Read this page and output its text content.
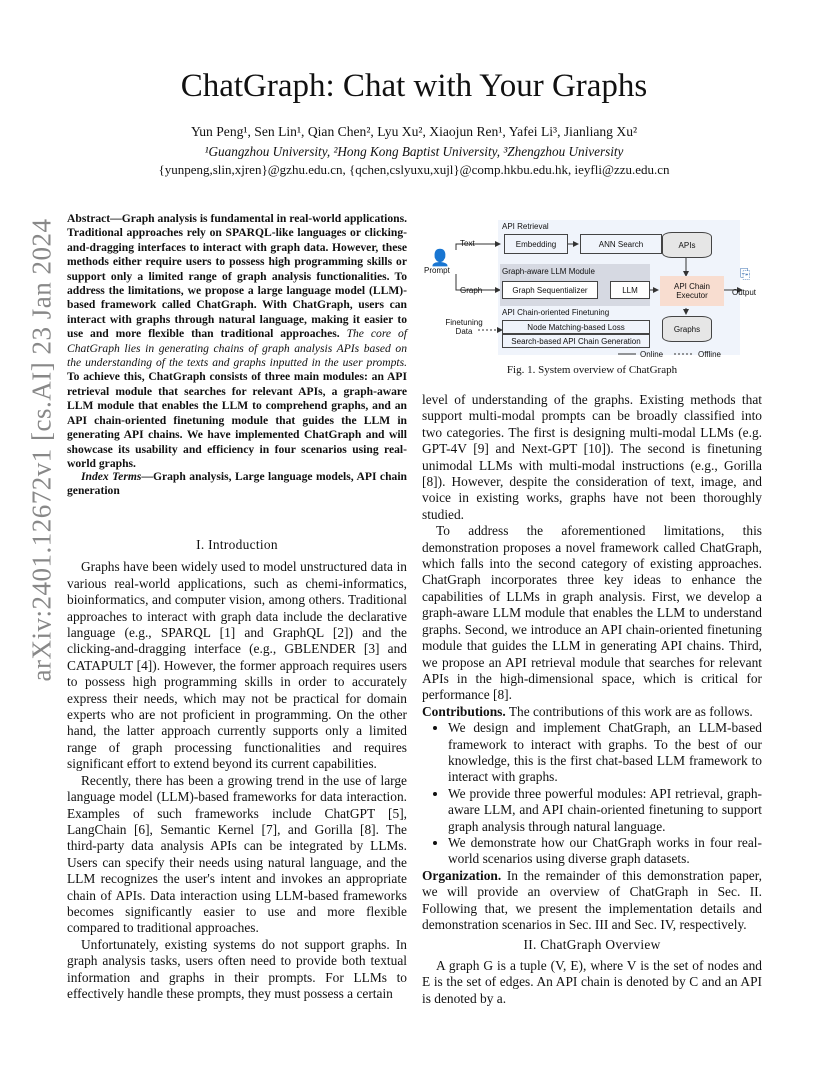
arXiv:2401.12672v1 [cs.AI] 23 Jan 2024
ChatGraph: Chat with Your Graphs
Yun Peng¹, Sen Lin¹, Qian Chen², Lyu Xu², Xiaojun Ren¹, Yafei Li³, Jianliang Xu²
¹Guangzhou University, ²Hong Kong Baptist University, ³Zhengzhou University
{yunpeng,slin,xjren}@gzhu.edu.cn, {qchen,cslyuxu,xujl}@comp.hkbu.edu.hk, ieyfli@zzu.edu.cn
Abstract—Graph analysis is fundamental in real-world applications. Traditional approaches rely on SPARQL-like languages or clicking-and-dragging interfaces to interact with graph data. However, these methods either require users to possess high programming skills or support only a limited range of graph analysis functionalities. To address the limitations, we propose a large language model (LLM)-based framework called ChatGraph. With ChatGraph, users can interact with graphs through natural language, making it easier to use and more flexible than traditional approaches. The core of ChatGraph lies in generating chains of graph analysis APIs based on the understanding of the texts and graphs inputted in the user prompts. To achieve this, ChatGraph consists of three main modules: an API retrieval module that searches for relevant APIs, a graph-aware LLM module that enables the LLM to comprehend graphs, and an API chain-oriented finetuning module that guides the LLM in generating API chains. We have implemented ChatGraph and will showcase its usability and efficiency in four scenarios using real-world graphs.
Index Terms—Graph analysis, Large language models, API chain generation
I. Introduction

Graphs have been widely used to model unstructured data in various real-world applications, such as chemi-informatics, bioinformatics, and computer vision, among others. Traditional approaches to interact with graph data include the declarative language (e.g., SPARQL [1] and GraphQL [2]) and the clicking-and-dragging interface (e.g., GBLENDER [3] and CATAPULT [4]). However, the former approach requires users to possess high programming skills in order to accurately express their needs, which may not be practical for domain experts who are not proficient in programming. On the other hand, the latter approach currently supports only a limited range of graph processing functionalities and requires significant effort to extend beyond its current capabilities.

Recently, there has been a growing trend in the use of large language model (LLM)-based frameworks for data interaction. Examples of such frameworks include ChatGPT [5], LangChain [6], Semantic Kernel [7], and Gorilla [8]. The third-party data analysis APIs can be integrated by LLMs. Users can specify their needs using natural language, and the LLM recognizes the user's intent and invokes an appropriate chain of APIs. Data interaction using LLM-based frameworks becomes significantly easier to use and more flexible compared to traditional approaches.

Unfortunately, existing systems do not support graphs. In graph analysis tasks, users often need to provide both textual information and graphs in their prompts. For LLMs to effectively handle these prompts, they must possess a certain

API Retrieval
Embedding	ANN Search	APIs
Text
👤
Prompt
Graph
Graph-aware LLM Module
Graph Sequentializer	LLM	API Chain Executor
⎘
Output
API Chain-oriented Finetuning
Finetuning Data	Node Matching-based Loss
Search-based API Chain Generation
Graphs
Online	Offline
Fig. 1. System overview of ChatGraph

level of understanding of the graphs. Existing methods that support multi-modal prompts can be broadly classified into two categories. The first is designing multi-modal LLMs (e.g. GPT-4V [9] and Next-GPT [10]). The second is finetuning unimodal LLMs with multi-modal instructions (e.g., Gorilla [8]). However, despite the consideration of text, image, and voice in existing works, graphs have not been thoroughly studied.

To address the aforementioned limitations, this demonstration proposes a novel framework called ChatGraph, which falls into the second category of existing approaches. ChatGraph incorporates three key ideas to enhance the capabilities of LLMs in graph analysis. First, we develop a graph-aware LLM module that enables the LLM to understand graphs. Second, we introduce an API chain-oriented finetuning module that guides the LLM in generating API chains. Third, we propose an API retrieval module that searches for relevant APIs in the high-dimensional space, which is critical for performance [8].

Contributions. The contributions of this work are as follows.

• We design and implement ChatGraph, an LLM-based framework to interact with graphs. To the best of our knowledge, this is the first chat-based LLM framework to interact with graphs.
• We provide three powerful modules: API retrieval, graph-aware LLM, and API chain-oriented finetuning to support graph analysis through natural language.
• We demonstrate how our ChatGraph works in four real-world scenarios using diverse graph datasets.

Organization. In the remainder of this demonstration paper, we will provide an overview of ChatGraph in Sec. II. Following that, we present the implementation details and demonstration scenarios in Sec. III and Sec. IV, respectively.

II. ChatGraph Overview

A graph G is a tuple (V, E), where V is the set of nodes and E is the set of edges. An API chain is denoted by C and an API is denoted by a.
